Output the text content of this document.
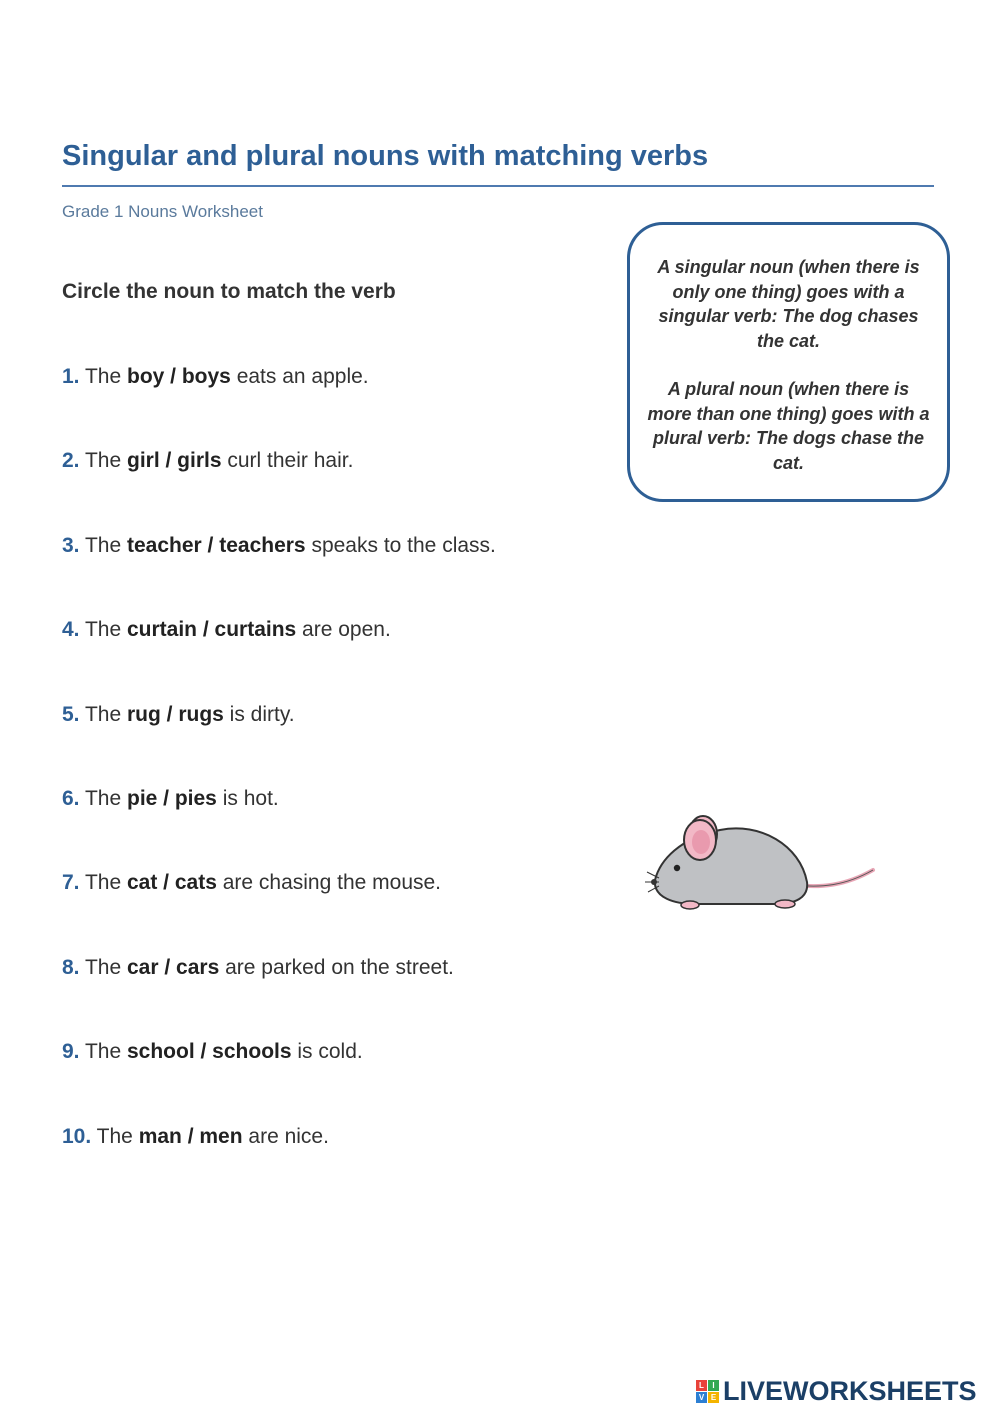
Singular and plural nouns with matching verbs
Grade 1 Nouns Worksheet
Circle the noun to match the verb
1. The boy / boys eats an apple.
2. The girl / girls curl their hair.
3. The teacher / teachers speaks to the class.
4. The curtain / curtains are open.
5. The rug / rugs is dirty.
6. The pie / pies is hot.
7. The cat / cats are chasing the mouse.
8. The car / cars are parked on the street.
9. The school / schools is cold.
10. The man / men are nice.

A singular noun (when there is only one thing) goes with a singular verb: The dog chases the cat.

A plural noun (when there is more than one thing) goes with a plural verb: The dogs chase the cat.

L	I
V E LIVEWORKSHEETS
